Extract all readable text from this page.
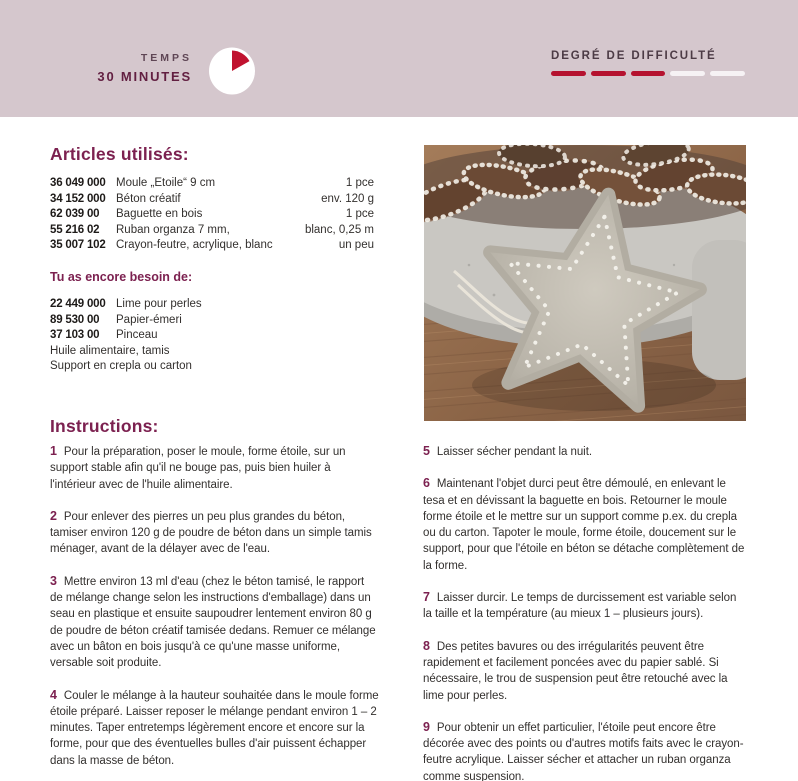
TEMPS
30 MINUTES
DEGRÉ DE DIFFICULTÉ
Articles utilisés:
36 049 000 Moule „Etoile“ 9 cm	1 pce
34 152 000 Béton créatif	env. 120 g
62 039 00	Baguette en bois	1 pce
55 216 02	Ruban organza 7 mm,	blanc, 0,25 m
35 007 102 Crayon-feutre, acrylique, blanc	un peu
Tu as encore besoin de:
22 449 000 Lime pour perles
89 530 00	Papier-émeri
37 103 00	Pinceau
Huile alimentaire, tamis
Support en crepla ou carton
Instructions:

1 Pour la préparation, poser le moule, forme étoile, sur un support stable afin qu'il ne bouge pas, puis bien huiler à l'intérieur avec de l'huile alimentaire.

2 Pour enlever des pierres un peu plus grandes du béton, tamiser environ 120 g de poudre de béton dans un simple tamis ménager, avant de la délayer avec de l'eau.

3 Mettre environ 13 ml d'eau (chez le béton tamisé, le rapport de mélange change selon les instructions d'emballage) dans un seau en plastique et ensuite saupoudrer lentement environ 80 g de poudre de béton créatif tamisée dedans. Remuer ce mélange avec un bâton en bois jusqu'à ce qu'une masse uniforme, versable soit produite.

4 Couler le mélange à la hauteur souhaitée dans le moule forme étoile préparé. Laisser reposer le mélange pendant environ 1 – 2 minutes. Taper entretemps légèrement encore et encore sur la forme, pour que des éventuelles bulles d'air puissent échapper dans la masse de béton.

5 Laisser sécher pendant la nuit.

6 Maintenant l'objet durci peut être démoulé, en enlevant le tesa et en dévissant la baguette en bois. Retourner le moule forme étoile et le mettre sur un support comme p.ex. du crepla ou du carton. Tapoter le moule, forme étoile, doucement sur le support, pour que l'étoile en béton se détache complètement de la forme.

7 Laisser durcir. Le temps de durcissement est variable selon la taille et la température (au mieux 1 – plusieurs jours).

8 Des petites bavures ou des irrégularités peuvent être rapidement et facilement poncées avec du papier sablé. Si nécessaire, le trou de suspension peut être retouché avec la lime pour perles.

9 Pour obtenir un effet particulier, l'étoile peut encore être décorée avec des points ou d'autres motifs faits avec le crayon-feutre acrylique. Laisser sécher et attacher un ruban organza comme suspension.
